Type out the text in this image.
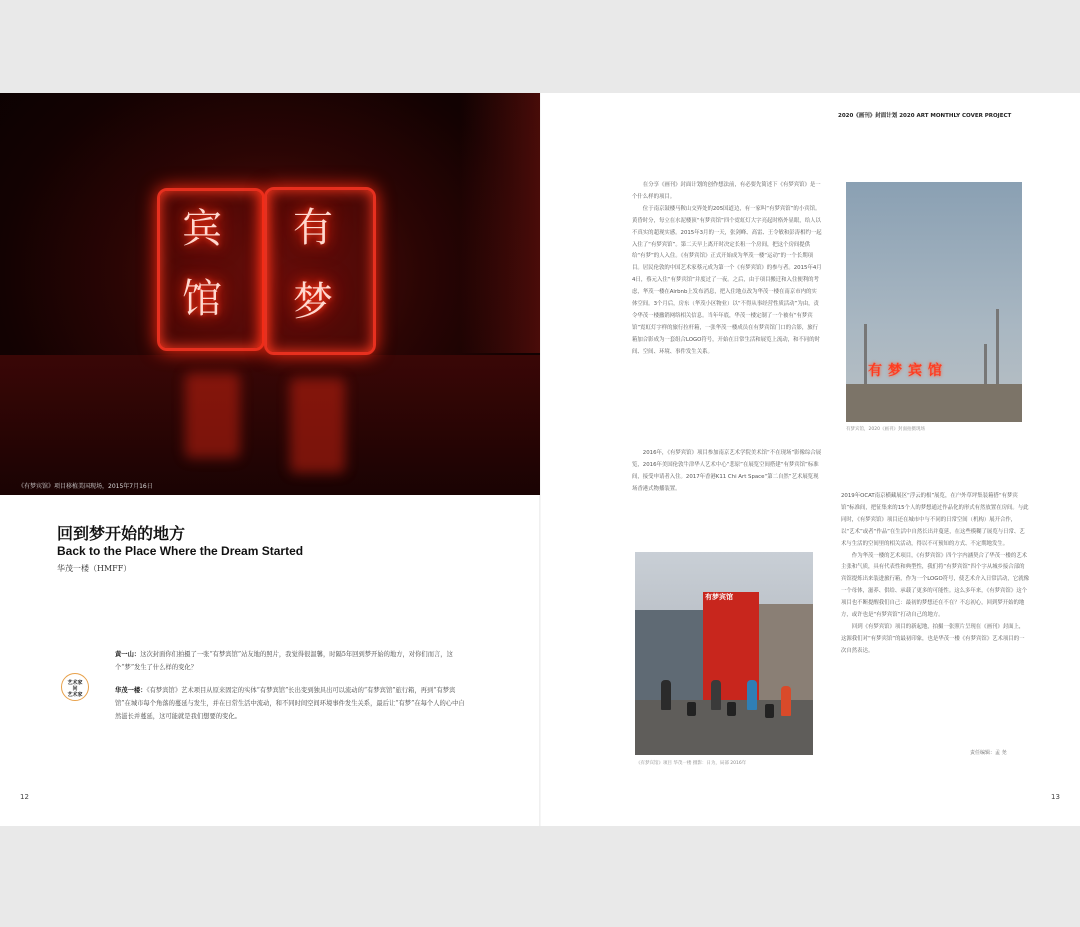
宾
馆
有
梦
《有梦宾馆》项目移植美国现场，2015年7月16日
回到梦开始的地方
Back to the Place Where the Dream Started
华茂一楼（HMFF）
艺术家
问
艺术家

黄一山：这次封面你们拍摄了一张“有梦宾馆”站友地的照片，我觉得很温馨，时隔5年回到梦开始的地方，对你们而言，这个“梦”发生了什么样的变化？

华茂一楼：《有梦宾馆》艺术项目从原来固定的实体“有梦宾馆”长出变到独具出可以流动的“有梦宾馆”旅行箱，再到“有梦宾馆”在城市每个角落的蔓延与发生，并在日常生活中流动，和不同时间空间环境事件发生关系，最后让“有梦”在每个人的心中自然滋长并蔓延，这可能就是我们想要的变化。

12
2020《画刊》封面计划 2020 ART MONTHLY COVER PROJECT

在分享《画刊》封面计划的创作想法前，有必要先简述下《有梦宾馆》是一个什么样的项目。

位于南京鼓楼马鞍山交界处的205国道边，有一家叫“有梦宾馆”的小宾馆。黄昏时分，每立在水泥楼顶“有梦宾馆”四个霓虹灯大字亮起时格外显眼，给人以不真实的超现实感。2015年3月的一天，张剑峰、高雷、王令敏和彭涛相约一起入住了“有梦宾馆”。第二天早上离开时决定长租一个房间，把这个房间提供给“有梦”的人入住。《有梦宾馆》正式开始成为华茂一楼“运动”的一个长期项目。居民伦敦的中国艺术家蔡元成为第一个《有梦宾馆》的参与者。2015年4月4日，蔡元入住“有梦宾馆”并度过了一夜。之后，由于项目搬迁和入住便利的考虑，华茂一楼在Airbnb上发布消息，把入住地点改为华茂一楼在南京市内的实体空间。3个月后，房东（华茂小区物业）以“不得从事经营性质活动”为由，责令华茂一楼撤销网络相关信息。当年年底，华茂一楼定制了一个被有“有梦宾馆”霓虹灯字样的旅行拉杆箱，一张华茂一楼成员在有梦宾馆门口的合影，旅行箱加合影成为一套组合LOGO符号，开始在日常生活和展览上流动，和不同的时间、空间、环境、事件发生关系。

2016年，《有梦宾馆》项目参加南京艺术学院美术馆“不在现场”影像综合展览，2016年美国伦敦牛津华人艺术中心“悲原”在展览空间搭建“有梦宾馆”标准间，接受申请者入住。2017年香港K11 Chi Art Space“第二自然”艺术展览现场香港式物播装置。

有梦宾馆
有梦宾馆，2020《画刊》封面拍摄现场

2019年OCAT南京横藏展区“浮云的根”展览，在户外草坪集装箱搭“有梦宾馆”标准间，把征集来的15个人的梦想通过作品化的形式有然放置在房间。与此同时，《有梦宾馆》项目还在城市中与不同的日常空间（机构）展开合作，以“艺术”或者“作品”在生活中自然长出并蔓延，在这些模糊了展览与日常、艺术与生活的空间里的相关活动，得以不可预知的方式、不定期地发生。

作为华茂一楼的艺术项目，《有梦宾馆》四个字内涵契合了华茂一楼的艺术主张和气质，具有代表性和典型性，我们将“有梦宾馆”四个字从城乡接合部的宾馆提炼出来装进旅行箱，作为一个LOGO符号，使艺术介入日常活动，它就像一个母体，滋养、供给、承载了更多的可能性。这么多年来，《有梦宾馆》这个项目也不断提醒我们自己：最初的梦想还在不在？不忘初心，回到梦开始的地方，或许也是“有梦宾馆”打动自己的地方。

回到《有梦宾馆》项目的新起地，拍摄一张照片呈现在《画刊》封面上，这源我们对“有梦宾馆”的最初印象，也是华茂一楼《有梦宾馆》艺术项目的一次自然表达。

有梦宾馆
《有梦宾馆》项目 华茂一楼 摄影：日为，局部 2016年
责任编辑：孟 尧
13
